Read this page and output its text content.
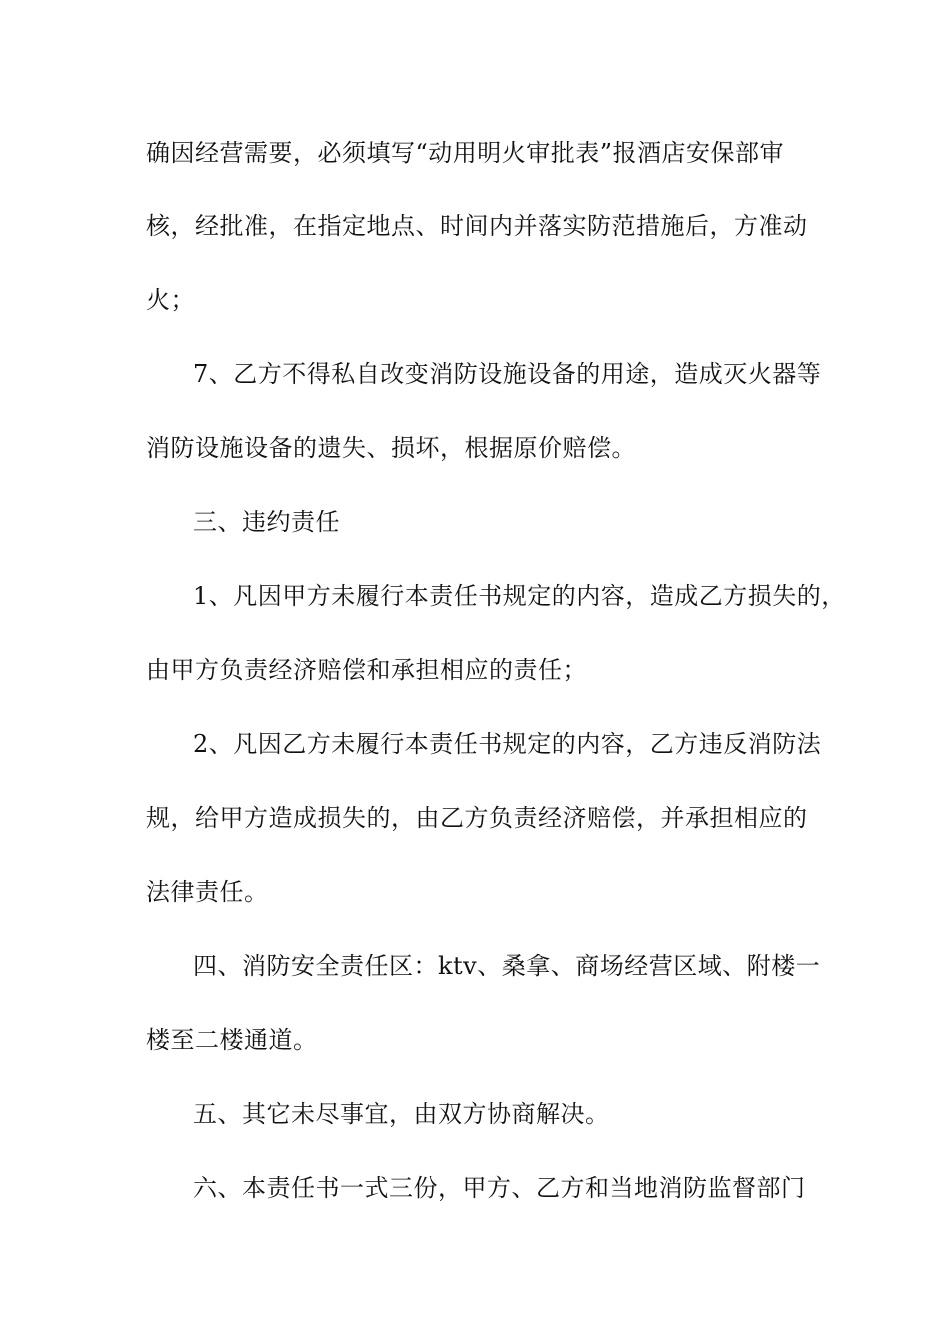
确因经营需要，必须填写“动用明火审批表”报酒店安保部审
核，经批准，在指定地点、时间内并落实防范措施后，方准动
火；
7、乙方不得私自改变消防设施设备的用途，造成灭火器等
消防设施设备的遗失、损坏，根据原价赔偿。
三、违约责任
1、凡因甲方未履行本责任书规定的内容，造成乙方损失的，
由甲方负责经济赔偿和承担相应的责任；
2、凡因乙方未履行本责任书规定的内容，乙方违反消防法
规，给甲方造成损失的，由乙方负责经济赔偿，并承担相应的
法律责任。
四、消防安全责任区：ktv、桑拿、商场经营区域、附楼一
楼至二楼通道。
五、其它未尽事宜，由双方协商解决。
六、本责任书一式三份，甲方、乙方和当地消防监督部门
